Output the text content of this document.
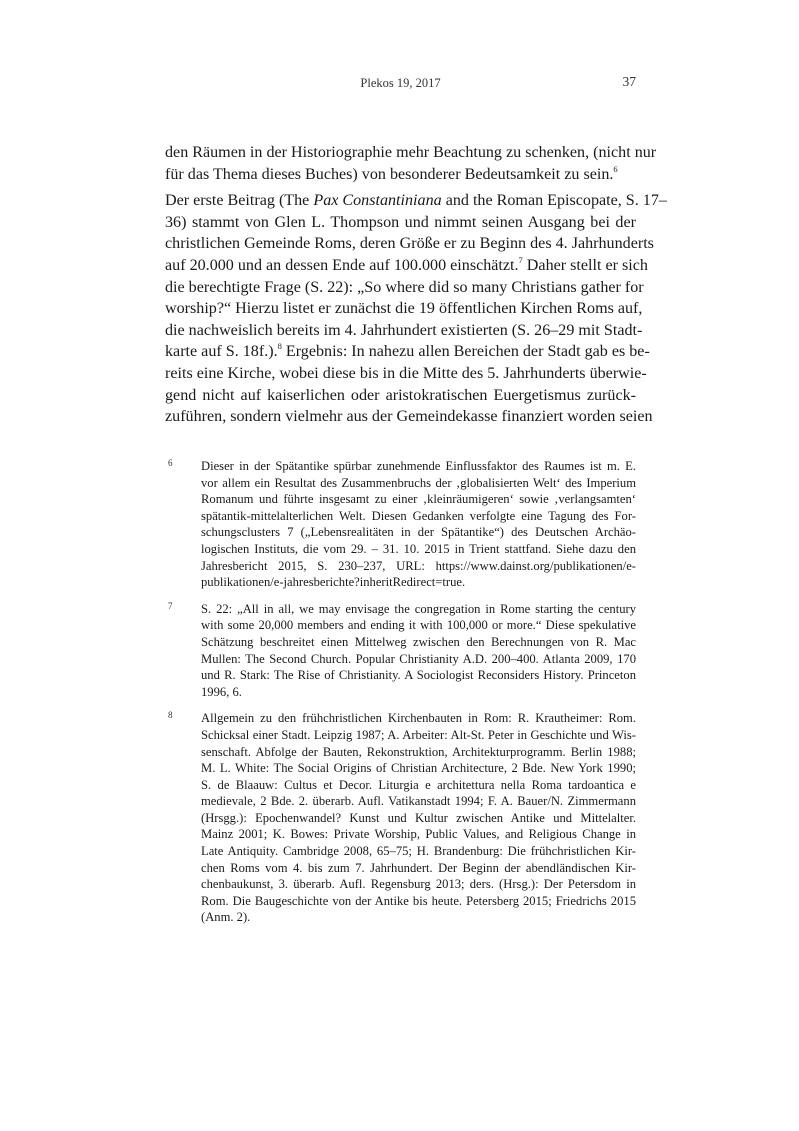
Plekos 19, 2017	37

den Räumen in der Historiographie mehr Beachtung zu schenken, (nicht nur
für das Thema dieses Buches) von besonderer Bedeutsamkeit zu sein.$^6$

Der erste Beitrag (The Pax Constantiniana and the Roman Episcopate, S. 17–
36) stammt von Glen L. Thompson und nimmt seinen Ausgang bei der
christlichen Gemeinde Roms, deren Größe er zu Beginn des 4. Jahrhunderts
auf 20.000 und an dessen Ende auf 100.000 einschätzt.$^7$ Daher stellt er sich
die berechtigte Frage (S. 22): „So where did so many Christians gather for
worship?“ Hierzu listet er zunächst die 19 öffentlichen Kirchen Roms auf,
die nachweislich bereits im 4. Jahrhundert existierten (S. 26–29 mit Stadt-
karte auf S. 18f.).$^8$ Ergebnis: In nahezu allen Bereichen der Stadt gab es be-
reits eine Kirche, wobei diese bis in die Mitte des 5. Jahrhunderts überwie-
gend nicht auf kaiserlichen oder aristokratischen Euergetismus zurück-
zuführen, sondern vielmehr aus der Gemeindekasse finanziert worden seien

6 Dieser in der Spätantike spürbar zunehmende Einflussfaktor des Raumes ist m. E.
vor allem ein Resultat des Zusammenbruchs der ‚globalisierten Welt‘ des Imperium
Romanum und führte insgesamt zu einer ‚kleinräumigeren‘ sowie ‚verlangsamten‘
spätantik-mittelalterlichen Welt. Diesen Gedanken verfolgte eine Tagung des For-
schungsclusters 7 („Lebensrealitäten in der Spätantike“) des Deutschen Archäo-
logischen Instituts, die vom 29. – 31. 10. 2015 in Trient stattfand. Siehe dazu den
Jahresbericht 2015, S. 230–237, URL: https://www.dainst.org/publikationen/e-
publikationen/e-jahresberichte?inheritRedirect=true.
7 S. 22: „All in all, we may envisage the congregation in Rome starting the century
with some 20,000 members and ending it with 100,000 or more.“ Diese spekulative
Schätzung beschreitet einen Mittelweg zwischen den Berechnungen von R. Mac
Mullen: The Second Church. Popular Christianity A.D. 200–400. Atlanta 2009, 170
und R. Stark: The Rise of Christianity. A Sociologist Reconsiders History. Princeton
1996, 6.
8 Allgemein zu den frühchristlichen Kirchenbauten in Rom: R. Krautheimer: Rom.
Schicksal einer Stadt. Leipzig 1987; A. Arbeiter: Alt-St. Peter in Geschichte und Wis-
senschaft. Abfolge der Bauten, Rekonstruktion, Architekturprogramm. Berlin 1988;
M. L. White: The Social Origins of Christian Architecture, 2 Bde. New York 1990;
S. de Blaauw: Cultus et Decor. Liturgia e architettura nella Roma tardoantica e
medievale, 2 Bde. 2. überarb. Aufl. Vatikanstadt 1994; F. A. Bauer/N. Zimmermann
(Hrsgg.): Epochenwandel? Kunst und Kultur zwischen Antike und Mittelalter.
Mainz 2001; K. Bowes: Private Worship, Public Values, and Religious Change in
Late Antiquity. Cambridge 2008, 65–75; H. Brandenburg: Die frühchristlichen Kir-
chen Roms vom 4. bis zum 7. Jahrhundert. Der Beginn der abendländischen Kir-
chenbaukunst, 3. überarb. Aufl. Regensburg 2013; ders. (Hrsg.): Der Petersdom in
Rom. Die Baugeschichte von der Antike bis heute. Petersberg 2015; Friedrichs 2015
(Anm. 2).
